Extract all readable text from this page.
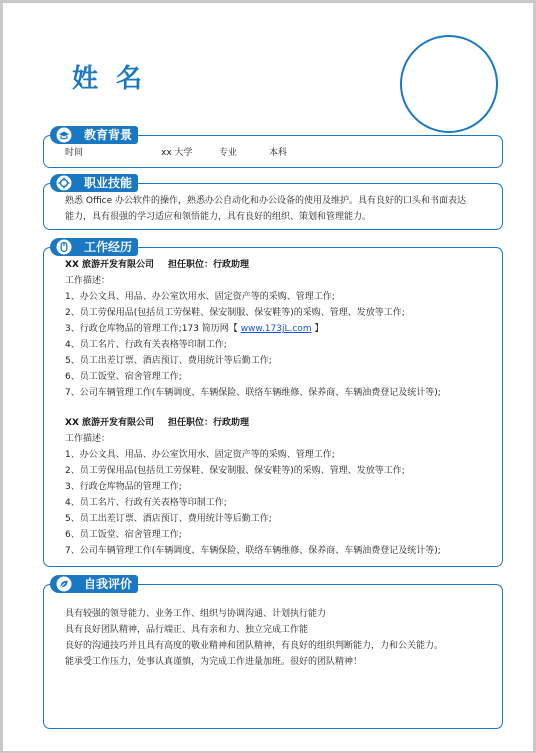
姓名
教育背景
时间	xx 大学	专业	本科
职业技能
熟悉 Office 办公软件的操作，熟悉办公自动化和办公设备的使用及维护。具有良好的口头和书面表达
能力，具有很强的学习适应和领悟能力，具有良好的组织、策划和管理能力。
工作经历
XX 旅游开发有限公司 担任职位：行政助理
工作描述：
1、办公文具、用品、办公室饮用水、固定资产等的采购、管理工作;
2、员工劳保用品(包括员工劳保鞋、保安制服、保安鞋等)的采购、管理、发放等工作;
3、行政仓库物品的管理工作;173 简历网【 www.173jL.com 】
4、员工名片、行政有关表格等印制工作;
5、员工出差订票、酒店预订、费用统计等后勤工作;
6、员工饭堂、宿舍管理工作;
7、公司车辆管理工作(车辆调度、车辆保险、联络车辆维修、保养商、车辆油费登记及统计等);
XX 旅游开发有限公司 担任职位：行政助理
工作描述：
1、办公文具、用品、办公室饮用水、固定资产等的采购、管理工作;
2、员工劳保用品(包括员工劳保鞋、保安制服、保安鞋等)的采购、管理、发放等工作;
3、行政仓库物品的管理工作;
4、员工名片、行政有关表格等印制工作;
5、员工出差订票、酒店预订、费用统计等后勤工作;
6、员工饭堂、宿舍管理工作;
7、公司车辆管理工作(车辆调度、车辆保险、联络车辆维修、保养商、车辆油费登记及统计等);
自我评价
具有较强的领导能力、业务工作、组织与协调沟通、计划执行能力
具有良好团队精神，品行端正、具有亲和力、独立完成工作能
良好的沟通技巧并且具有高度的敬业精神和团队精神，有良好的组织判断能力，力和公关能力。
能承受工作压力，处事认真谨慎，为完成工作进量加班。很好的团队精神！
